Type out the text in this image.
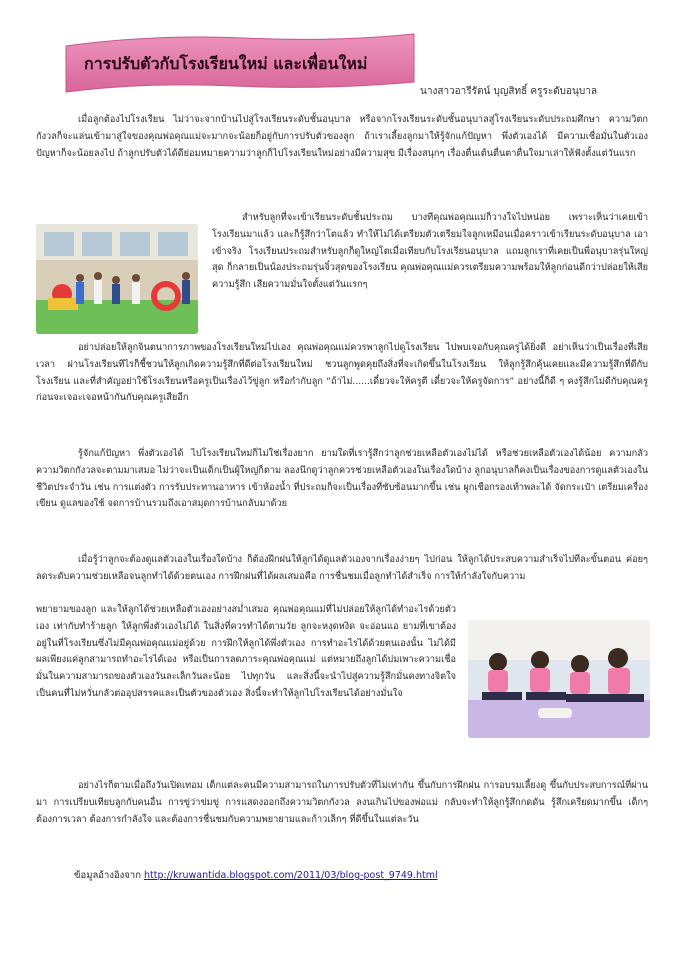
การปรับตัวกับโรงเรียนใหม่ และเพื่อนใหม่
นางสาวอารีรัตน์ บุญสิทธิ์ ครูระดับอนุบาล

เมื่อลูกต้องไปโรงเรียน ไม่ว่าจะจากบ้านไปสู่โรงเรียนระดับชั้นอนุบาล หรือจากโรงเรียนระดับชั้นอนุบาลสู่โรงเรียนระดับประถมศึกษา ความวิตกกังวลก็จะแล่นเข้ามาสู่ใจของคุณพ่อคุณแม่จะมากจะน้อยก็อยู่กับการปรับตัวของลูก ถ้าเราเลี้ยงลูกมาให้รู้จักแก้ปัญหา พึ่งตัวเองได้ มีความเชื่อมั่นในตัวเอง ปัญหาก็จะน้อยลงไป ถ้าลูกปรับตัวได้ดีย่อมหมายความว่าลูกก็ไปโรงเรียนใหม่อย่างมีความสุข มีเรื่องสนุกๆ เรื่องตื่นเต้นตื่นตาตื่นใจมาเล่าให้ฟังตั้งแต่วันแรก

สำหรับลูกที่จะเข้าเรียนระดับชั้นประถม บางทีคุณพ่อคุณแม่ก็วางใจไปหน่อย เพราะเห็นว่าเคยเข้าโรงเรียนมาแล้ว และก็รู้สึกว่าโตแล้ว ทำให้ไม่ได้เตรียมตัวเตรียมใจลูกเหมือนเมื่อคราวเข้าเรียนระดับอนุบาล เอาเข้าจริง โรงเรียนประถมสำหรับลูกก็ดูใหญ่โตเมื่อเทียบกับโรงเรียนอนุบาล แถมลูกเราที่เคยเป็นพี่อนุบาลรุ่นใหญ่สุด ก็กลายเป็นน้องประถมรุ่นจิ๋วสุดของโรงเรียน คุณพ่อคุณแม่ควรเตรียมความพร้อมให้ลูกก่อนดีกว่าปล่อยให้เสียความรู้สึก เสียความมั่นใจตั้งแต่วันแรกๆ

อย่าปล่อยให้ลูกจินตนาการภาพของโรงเรียนใหม่ไปเอง คุณพ่อคุณแม่ควรพาลูกไปดูโรงเรียน ไปพบเจอกับคุณครูได้ยิ่งดี อย่าเห็นว่าเป็นเรื่องที่เสียเวลา ผ่านโรงเรียนทีไรก็ชี้ชวนให้ลูกเกิดความรู้สึกที่ดีต่อโรงเรียนใหม่ ชวนลูกพูดคุยถึงสิ่งที่จะเกิดขึ้นในโรงเรียน ให้ลูกรู้สึกคุ้นเคยและมีความรู้สึกที่ดีกับโรงเรียน และที่สำคัญอย่าใช้โรงเรียนหรือครูเป็นเรื่องไว้ขู่ลูก หรือกำกับลูก “ถ้าไม่......เดี๋ยวจะให้ครูตี เดี๋ยวจะให้ครูจัดการ” อย่างนี้ก็ดี ๆ คงรู้สึกไม่ดีกับคุณครูก่อนจะเจอะเจอหน้ากันกับคุณครูเสียอีก

รู้จักแก้ปัญหา พึ่งตัวเองได้ ไปโรงเรียนใหม่ก็ไม่ใช่เรื่องยาก ยามใดที่เรารู้สึกว่าลูกช่วยเหลือตัวเองไม่ได้ หรือช่วยเหลือตัวเองได้น้อย ความกลัว ความวิตกกังวลจะตามมาเสมอ ไม่ว่าจะเป็นเด็กเป็นผู้ใหญ่ก็ตาม ลองนึกดูว่าลูกควรช่วยเหลือตัวเองในเรื่องใดบ้าง ลูกอนุบาลก็คงเป็นเรื่องของการดูแลตัวเองในชีวิตประจำวัน เช่น การแต่งตัว การรับประทานอาหาร เข้าห้องน้ำ ที่ประถมก็จะเป็นเรื่องที่ซับซ้อนมากขึ้น เช่น ผูกเชือกรองเท้าพละได้ จัดกระเป๋า เตรียมเครื่องเขียน ดูแลของใช้ จดการบ้านรวมถึงเอาสมุดการบ้านกลับมาด้วย

เมื่อรู้ว่าลูกจะต้องดูแลตัวเองในเรื่องใดบ้าง ก็ต้องฝึกฝนให้ลูกได้ดูแลตัวเองจากเรื่องง่ายๆ ไปก่อน ให้ลูกได้ประสบความสำเร็จไปทีละขั้นตอน ค่อยๆ ลดระดับความช่วยเหลือจนลูกทำได้ด้วยตนเอง การฝึกฝนที่ได้ผลเสมอคือ การชื่นชมเมื่อลูกทำได้สำเร็จ การให้กำลังใจกับความ

พยายามของลูก และให้ลูกได้ช่วยเหลือตัวเองอย่างสม่ำเสมอ คุณพ่อคุณแม่ที่ไม่ปล่อยให้ลูกได้ทำอะไรด้วยตัวเอง เท่ากับทำร้ายลูก ให้ลูกพึ่งตัวเองไม่ได้ ในสิ่งที่ควรทำได้ตามวัย ลูกจะหงุดหงิด จะอ่อนแอ ยามที่เขาต้องอยู่ในที่โรงเรียนซึ่งไม่มีคุณพ่อคุณแม่อยู่ด้วย การฝึกให้ลูกได้พึ่งตัวเอง การทำอะไรได้ด้วยตนเองนั้น ไม่ได้มีผลเพียงแค่ลูกสามารถทำอะไรได้เอง หรือเป็นการลดภาระคุณพ่อคุณแม่ แต่หมายถึงลูกได้บ่มเพาะความเชื่อมั่นในความสามารถของตัวเองวันละเล็กวันละน้อย ไปทุกวัน และสิ่งนี้จะนำไปสู่ความรู้สึกมั่นคงทางจิตใจ เป็นคนที่ไม่หวั่นกลัวต่ออุปสรรคและเป็นตัวของตัวเอง สิ่งนี้จะทำให้ลูกไปโรงเรียนได้อย่างมั่นใจ

อย่างไรก็ตามเมื่อถึงวันเปิดเทอม เด็กแต่ละคนมีความสามารถในการปรับตัวที่ไม่เท่ากัน ขึ้นกับการฝึกฝน การอบรมเลี้ยงดู ขึ้นกับประสบการณ์ที่ผ่านมา การเปรียบเทียบลูกกับคนอื่น การขู่ว่าข่มขู่ การแสดงออกถึงความวิตกกังวล ลงนเกินไปของพ่อแม่ กลับจะทำให้ลูกรู้สึกกดดัน รู้สึกเครียดมากขึ้น เด็กๆ ต้องการเวลา ต้องการกำลังใจ และต้องการชื่นชมกับความพยายามและก้าวเล็กๆ ที่ดีขึ้นในแต่ละวัน

ข้อมูลอ้างอิงจาก http://kruwantida.blogspot.com/2011/03/blog-post_9749.html
